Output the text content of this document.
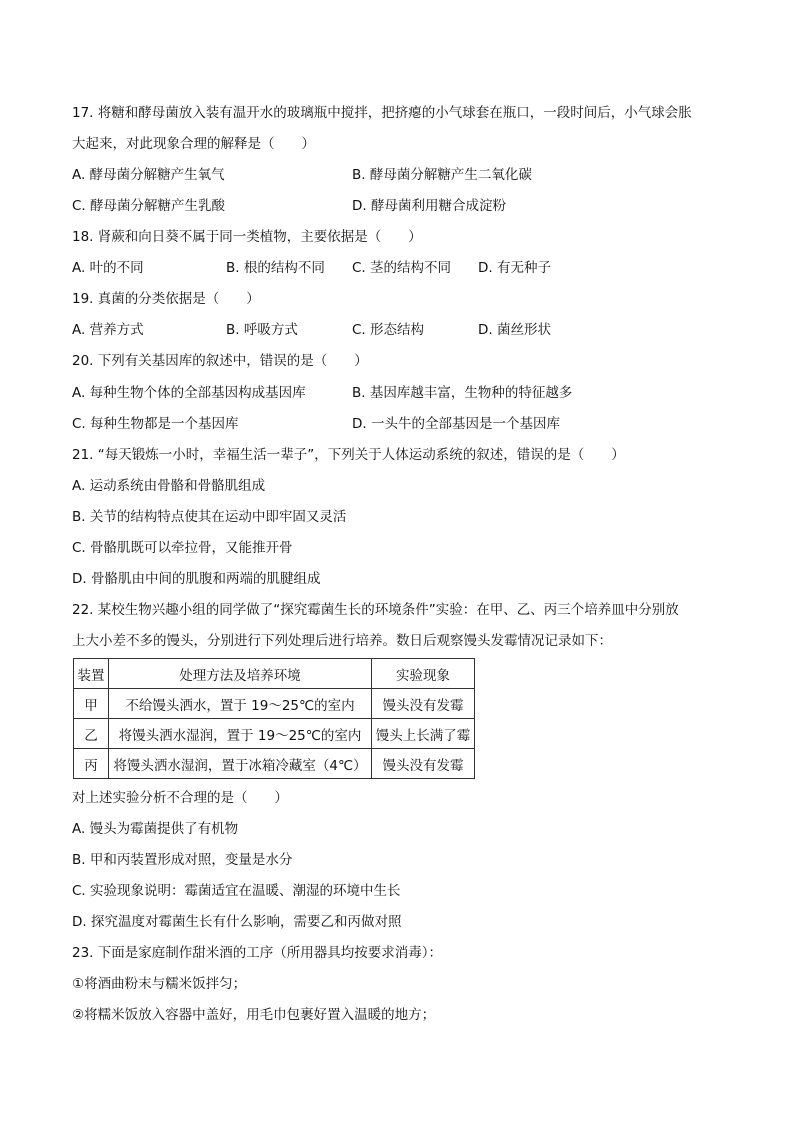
17. 将糖和酵母菌放入装有温开水的玻璃瓶中搅拌，把挤瘪的小气球套在瓶口，一段时间后，小气球会胀
大起来，对此现象合理的解释是（　　）
A. 酵母菌分解糖产生氧气	B. 酵母菌分解糖产生二氧化碳
C. 酵母菌分解糖产生乳酸	D. 酵母菌利用糖合成淀粉
18. 肾蕨和向日葵不属于同一类植物，主要依据是（　　）
A. 叶的不同	B. 根的结构不同 C. 茎的结构不同 D. 有无种子
19. 真菌的分类依据是（　　）
A. 营养方式	B. 呼吸方式	C. 形态结构	D. 菌丝形状
20. 下列有关基因库的叙述中，错误的是（　　）
A. 每种生物个体的全部基因构成基因库	B. 基因库越丰富，生物种的特征越多
C. 每种生物都是一个基因库	D. 一头牛的全部基因是一个基因库
21. “每天锻炼一小时，幸福生活一辈子”，下列关于人体运动系统的叙述，错误的是（　　）
A. 运动系统由骨骼和骨骼肌组成
B. 关节的结构特点使其在运动中即牢固又灵活
C. 骨骼肌既可以牵拉骨，又能推开骨
D. 骨骼肌由中间的肌腹和两端的肌腱组成
22. 某校生物兴趣小组的同学做了“探究霉菌生长的环境条件”实验：在甲、乙、丙三个培养皿中分别放
上大小差不多的馒头，分别进行下列处理后进行培养。数日后观察馒头发霉情况记录如下：
装置	处理方法及培养环境	实验现象
甲	不给馒头洒水，置于 19～25℃的室内	馒头没有发霉
乙	将馒头洒水湿润，置于 19～25℃的室内	馒头上长满了霉
丙	将馒头洒水湿润，置于冰箱冷藏室（4℃）	馒头没有发霉
对上述实验分析不合理的是（　　）
A. 馒头为霉菌提供了有机物
B. 甲和丙装置形成对照，变量是水分
C. 实验现象说明：霉菌适宜在温暖、潮湿的环境中生长
D. 探究温度对霉菌生长有什么影响，需要乙和丙做对照
23. 下面是家庭制作甜米酒的工序（所用器具均按要求消毒）：
①将酒曲粉末与糯米饭拌匀；
②将糯米饭放入容器中盖好，用毛巾包裹好置入温暖的地方；
